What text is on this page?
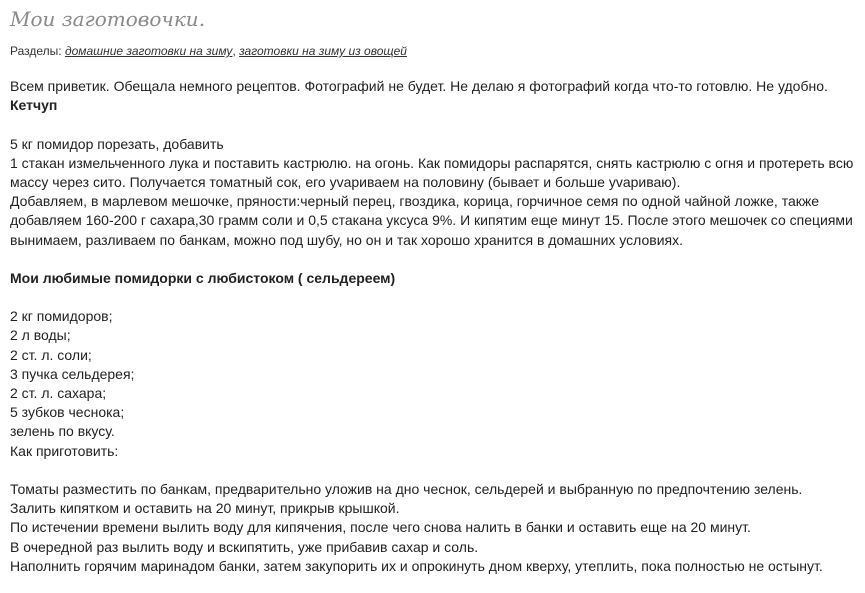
Мои заготовочки.
Разделы: домашние заготовки на зиму, заготовки на зиму из овощей
Всем приветик. Обещала немного рецептов. Фотографий не будет. Не делаю я фотографий когда что-то готовлю. Не удобно.
Кетчуп
5 кг помидор порезать, добавить
1 стакан измельченного лука и поставить кастрюлю. на огонь. Как помидоры распарятся, снять кастрюлю с огня и протереть всю
массу через сито. Получается томатный сок, его уvариваем на половину (бывает и больше уvариваю).
Добавляем, в марлевом мешочке, пряности:черный перец, гвоздика, корица, горчичное семя по одной чайной ложке, также
добавляем 160-200 г сахара,30 грамм соли и 0,5 стакана уксуса 9%. И кипятим еще минут 15. После этого мешочек со специями
вынимаем, разливаем по банкам, можно под шубу, но он и так хорошо хранится в домашних условиях.
Мои любимые помидорки с любистоком ( сельдереем)
2 кг помидоров;
2 л воды;
2 ст. л. соли;
3 пучка сельдерея;
2 ст. л. сахара;
5 зубков чеснока;
зелень по вкусу.
Как приготовить:
Томаты разместить по банкам, предварительно уложив на дно чеснок, сельдерей и выбранную по предпочтению зелень.
Залить кипятком и оставить на 20 минут, прикрыв крышкой.
По истечении времени вылить воду для кипячения, после чего снова налить в банки и оставить еще на 20 минут.
В очередной раз вылить воду и вскипятить, уже прибавив сахар и соль.
Наполнить горячим маринадом банки, затем закупорить их и опрокинуть дном кверху, утеплить, пока полностью не остынут.
